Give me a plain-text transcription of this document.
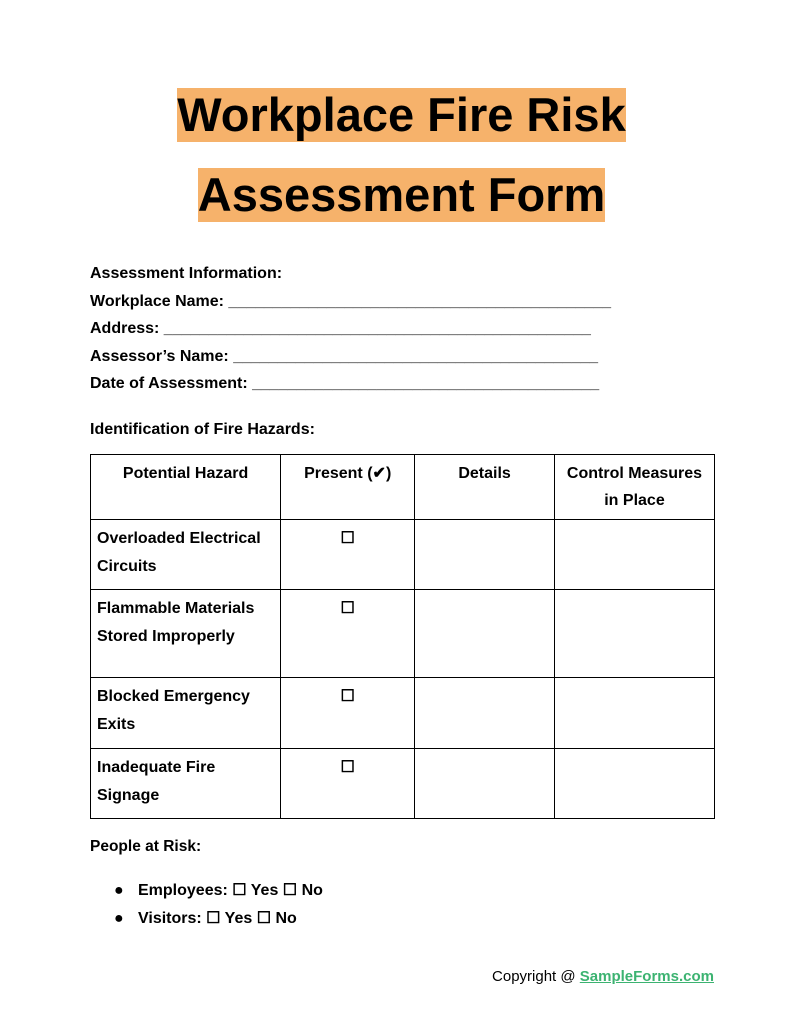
Workplace Fire Risk
Assessment Form
Assessment Information:
Workplace Name: ___________________________________________
Address: ________________________________________________
Assessor’s Name: _________________________________________
Date of Assessment: _______________________________________
Identification of Fire Hazards:
Potential Hazard	Present (✔)	Details	Control Measures in Place
Overloaded Electrical Circuits	☐		
Flammable Materials Stored Improperly	☐		
Blocked Emergency Exits	☐		
Inadequate Fire Signage	☐		
People at Risk:
● Employees: ☐ Yes ☐ No
● Visitors: ☐ Yes ☐ No
Copyright @ SampleForms.com
